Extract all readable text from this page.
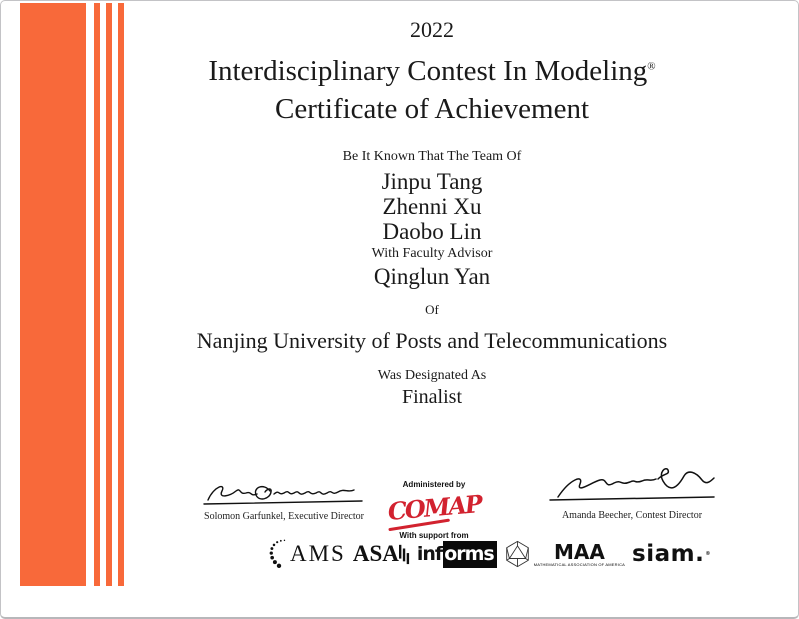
2022
Interdisciplinary Contest In Modeling®
Certificate of Achievement
Be It Known That The Team Of
Jinpu Tang
Zhenni Xu
Daobo Lin
With Faculty Advisor
Qinglun Yan
Of
Nanjing University of Posts and Telecommunications
Was Designated As
Finalist
Solomon Garfunkel, Executive Director
Administered by COMAP
With support from
Amanda Beecher, Contest Director
AMS ASA inf orms	MAA
MATHEMATICAL ASSOCIATION OF AMERICA siam. ®
